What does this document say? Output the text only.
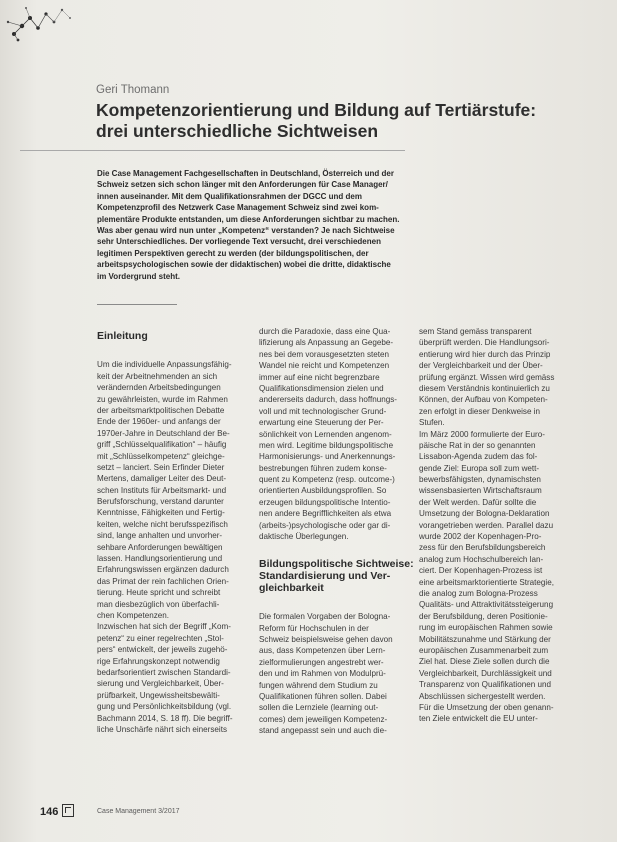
Geri Thomann
Kompetenzorientierung und Bildung auf Tertiärstufe:
drei unterschiedliche Sichtweisen
Die Case Management Fachgesellschaften in Deutschland, Österreich und der
Schweiz setzen sich schon länger mit den Anforderungen für Case Manager/
innen auseinander. Mit dem Qualifikationsrahmen der DGCC und dem
Kompetenzprofil des Netzwerk Case Management Schweiz sind zwei kom-
plementäre Produkte entstanden, um diese Anforderungen sichtbar zu machen.
Was aber genau wird nun unter „Kompetenz“ verstanden? Je nach Sichtweise
sehr Unterschiedliches. Der vorliegende Text versucht, drei verschiedenen
legitimen Perspektiven gerecht zu werden (der bildungspolitischen, der
arbeitspsychologischen sowie der didaktischen) wobei die dritte, didaktische
im Vordergrund steht.
Einleitung
Um die individuelle Anpassungsfähig-
keit der Arbeitnehmenden an sich
verändernden Arbeitsbedingungen
zu gewährleisten, wurde im Rahmen
der arbeitsmarktpolitischen Debatte
Ende der 1960er- und anfangs der
1970er-Jahre in Deutschland der Be-
griff „Schlüsselqualifikation“ – häufig
mit „Schlüsselkompetenz“ gleichge-
setzt – lanciert. Sein Erfinder Dieter
Mertens, damaliger Leiter des Deut-
schen Instituts für Arbeitsmarkt- und
Berufsforschung, verstand darunter
Kenntnisse, Fähigkeiten und Fertig-
keiten, welche nicht berufsspezifisch
sind, lange anhalten und unvorher-
sehbare Anforderungen bewältigen
lassen. Handlungsorientierung und
Erfahrungswissen ergänzen dadurch
das Primat der rein fachlichen Orien-
tierung. Heute spricht und schreibt
man diesbezüglich von überfachli-
chen Kompetenzen.
Inzwischen hat sich der Begriff „Kom-
petenz“ zu einer regelrechten „Stol-
pers“ entwickelt, der jeweils zugehö-
rige Erfahrungskonzept notwendig
bedarfsorientiert zwischen Standardi-
sierung und Vergleichbarkeit, Über-
prüfbarkeit, Ungewissheitsbewälti-
gung und Persönlichkeitsbildung (vgl.
Bachmann 2014, S. 18 ff). Die begriff-
liche Unschärfe nährt sich einerseits
durch die Paradoxie, dass eine Qua-
lifizierung als Anpassung an Gegebe-
nes bei dem vorausgesetzten steten
Wandel nie reicht und Kompetenzen
immer auf eine nicht begrenzbare
Qualifikationsdimension zielen und
andererseits dadurch, dass hoffnungs-
voll und mit technologischer Grund-
erwartung eine Steuerung der Per-
sönlichkeit von Lernenden angenom-
men wird. Legitime bildungspolitische
Harmonisierungs- und Anerkennungs-
bestrebungen führen zudem konse-
quent zu Kompetenz (resp. outcome-)
orientierten Ausbildungsprofilen. So
erzeugen bildungspolitische Intentio-
nen andere Begrifflichkeiten als etwa
(arbeits-)psychologische oder gar di-
daktische Überlegungen.
Bildungspolitische Sichtweise:
Standardisierung und Ver-
gleichbarkeit
Die formalen Vorgaben der Bologna-
Reform für Hochschulen in der
Schweiz beispielsweise gehen davon
aus, dass Kompetenzen über Lern-
zielformulierungen angestrebt wer-
den und im Rahmen von Modulprü-
fungen während dem Studium zu
Qualifikationen führen sollen. Dabei
sollen die Lernziele (learning out-
comes) dem jeweiligen Kompetenz-
stand angepasst sein und auch die-
sem Stand gemäss transparent
überprüft werden. Die Handlungsori-
entierung wird hier durch das Prinzip
der Vergleichbarkeit und der Über-
prüfung ergänzt. Wissen wird gemäss
diesem Verständnis kontinuierlich zu
Können, der Aufbau von Kompeten-
zen erfolgt in dieser Denkweise in
Stufen.
Im März 2000 formulierte der Euro-
päische Rat in der so genannten
Lissabon-Agenda zudem das fol-
gende Ziel: Europa soll zum wett-
bewerbsfähigsten, dynamischsten
wissensbasierten Wirtschaftsraum
der Welt werden. Dafür sollte die
Umsetzung der Bologna-Deklaration
vorangetrieben werden. Parallel dazu
wurde 2002 der Kopenhagen-Pro-
zess für den Berufsbildungsbereich
analog zum Hochschulbereich lan-
ciert. Der Kopenhagen-Prozess ist
eine arbeitsmarktorientierte Strategie,
die analog zum Bologna-Prozess
Qualitäts- und Attraktivitätssteigerung
der Berufsbildung, deren Positionie-
rung im europäischen Rahmen sowie
Mobilitätszunahme und Stärkung der
europäischen Zusammenarbeit zum
Ziel hat. Diese Ziele sollen durch die
Vergleichbarkeit, Durchlässigkeit und
Transparenz von Qualifikationen und
Abschlüssen sichergestellt werden.
Für die Umsetzung der oben genann-
ten Ziele entwickelt die EU unter-
146	Case Management 3/2017
